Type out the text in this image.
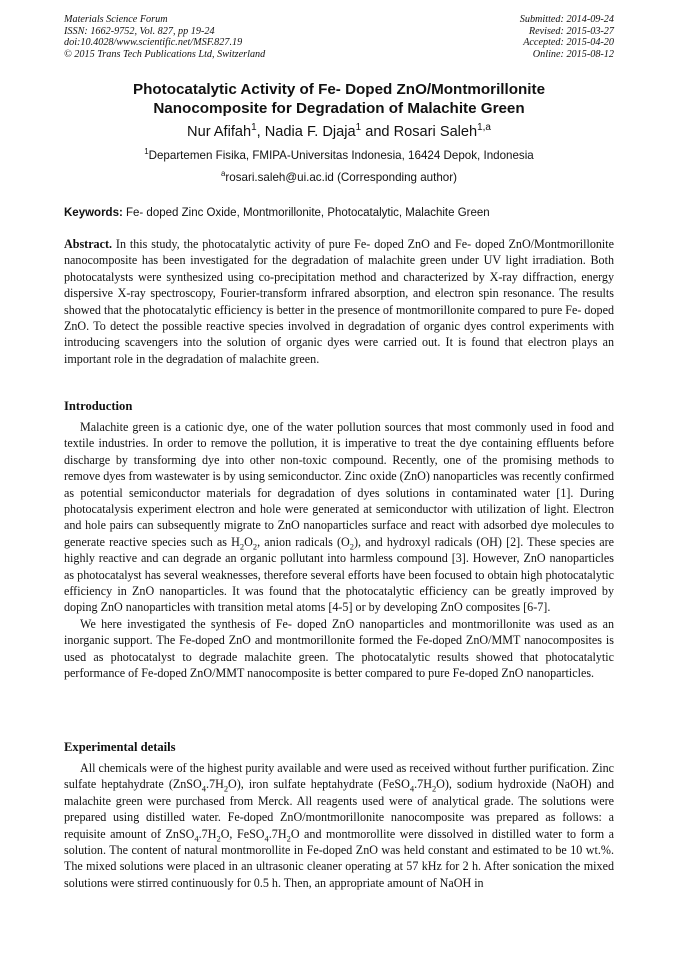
Materials Science Forum
ISSN: 1662-9752, Vol. 827, pp 19-24
doi:10.4028/www.scientific.net/MSF.827.19
© 2015 Trans Tech Publications Ltd, Switzerland
Submitted: 2014-09-24
Revised: 2015-03-27
Accepted: 2015-04-20
Online: 2015-08-12
Photocatalytic Activity of Fe- Doped ZnO/Montmorillonite
Nanocomposite for Degradation of Malachite Green
Nur Afifah$^1$, Nadia F. Djaja$^1$ and Rosari Saleh$^{1,a}$
$^1$Departemen Fisika, FMIPA-Universitas Indonesia, 16424 Depok, Indonesia
$^a$rosari.saleh@ui.ac.id (Corresponding author)
Keywords: Fe- doped Zinc Oxide, Montmorillonite, Photocatalytic, Malachite Green

Abstract. In this study, the photocatalytic activity of pure Fe- doped ZnO and Fe- doped ZnO/Montmorillonite nanocomposite has been investigated for the degradation of malachite green under UV light irradiation. Both photocatalysts were synthesized using co-precipitation method and characterized by X-ray diffraction, energy dispersive X-ray spectroscopy, Fourier-transform infrared absorption, and electron spin resonance. The results showed that the photocatalytic efficiency is better in the presence of montmorillonite compared to pure Fe- doped ZnO. To detect the possible reactive species involved in degradation of organic dyes control experiments with introducing scavengers into the solution of organic dyes were carried out. It is found that electron plays an important role in the degradation of malachite green.

Introduction

Malachite green is a cationic dye, one of the water pollution sources that most commonly used in food and textile industries. In order to remove the pollution, it is imperative to treat the dye containing effluents before discharge by transforming dye into other non-toxic compound. Recently, one of the promising methods to remove dyes from wastewater is by using semiconductor. Zinc oxide (ZnO) nanoparticles was recently confirmed as potential semiconductor materials for degradation of dyes solutions in contaminated water [1]. During photocatalysis experiment electron and hole were generated at semiconductor with utilization of light. Electron and hole pairs can subsequently migrate to ZnO nanoparticles surface and react with adsorbed dye molecules to generate reactive species such as $H_2O_2$, anion radicals $(O_2)$, and hydroxyl radicals (OH) [2]. These species are highly reactive and can degrade an organic pollutant into harmless compound [3]. However, ZnO nanoparticles as photocatalyst has several weaknesses, therefore several efforts have been focused to obtain high photocatalytic efficiency in ZnO nanoparticles. It was found that the photocatalytic efficiency can be greatly improved by doping ZnO nanoparticles with transition metal atoms [4-5] or by developing ZnO composites [6-7].

We here investigated the synthesis of Fe- doped ZnO nanoparticles and montmorillonite was used as an inorganic support. The Fe-doped ZnO and montmorillonite formed the Fe-doped ZnO/MMT nanocomposites is used as photocatalyst to degrade malachite green. The photocatalytic results showed that photocatalytic performance of Fe-doped ZnO/MMT nanocomposite is better compared to pure Fe-doped ZnO nanoparticles.

Experimental details

All chemicals were of the highest purity available and were used as received without further purification. Zinc sulfate heptahydrate $(ZnSO_4.7H_2O)$, iron sulfate heptahydrate $(FeSO_4.7H_2O)$, sodium hydroxide (NaOH) and malachite green were purchased from Merck. All reagents used were of analytical grade. The solutions were prepared using distilled water. Fe-doped ZnO/montmorillonite nanocomposite was prepared as follows: a requisite amount of $ZnSO_4.7H_2O$, $FeSO_4.7H_2O$ and montmorollite were dissolved in distilled water to form a solution. The content of natural montmorollite in Fe-doped ZnO was held constant and estimated to be 10 wt.%. The mixed solutions were placed in an ultrasonic cleaner operating at 57 kHz for 2 h. After sonication the mixed solutions were stirred continuously for 0.5 h. Then, an appropriate amount of NaOH in
